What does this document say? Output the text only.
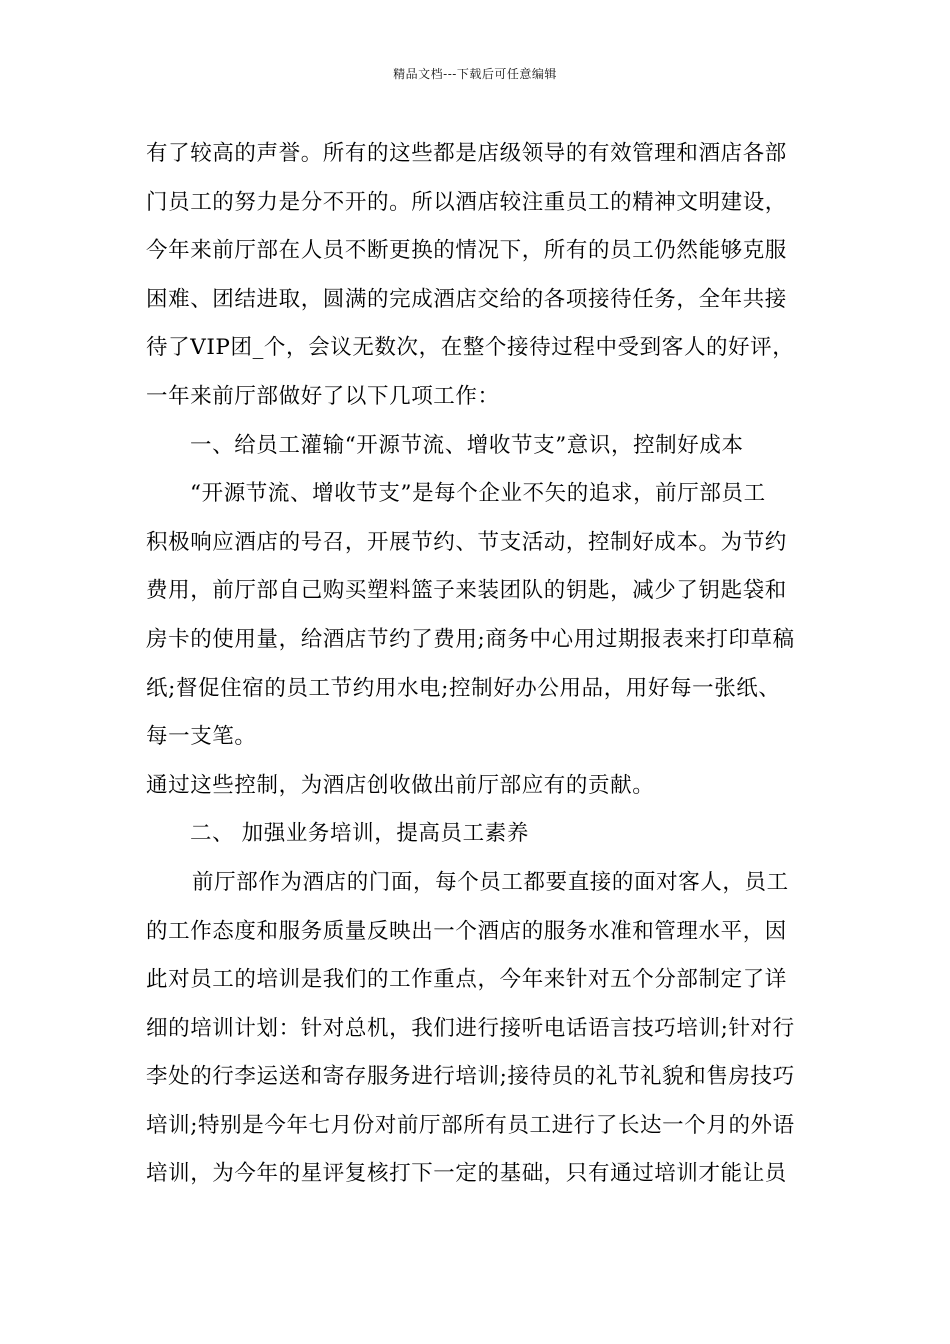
精品文档---下载后可任意编辑
有了较高的声誉。所有的这些都是店级领导的有效管理和酒店各部
门员工的努力是分不开的。所以酒店较注重员工的精神文明建设，
今年来前厅部在人员不断更换的情况下，所有的员工仍然能够克服
困难、团结进取，圆满的完成酒店交给的各项接待任务，全年共接
待了VIP团_个，会议无数次，在整个接待过程中受到客人的好评，
一年来前厅部做好了以下几项工作：
一、给员工灌输“开源节流、增收节支”意识，控制好成本
“开源节流、增收节支”是每个企业不矢的追求，前厅部员工
积极响应酒店的号召，开展节约、节支活动，控制好成本。为节约
费用，前厅部自己购买塑料篮子来装团队的钥匙，减少了钥匙袋和
房卡的使用量，给酒店节约了费用;商务中心用过期报表来打印草稿
纸;督促住宿的员工节约用水电;控制好办公用品，用好每一张纸、
每一支笔。
通过这些控制，为酒店创收做出前厅部应有的贡献。
二、 加强业务培训，提高员工素养
前厅部作为酒店的门面，每个员工都要直接的面对客人，员工
的工作态度和服务质量反映出一个酒店的服务水准和管理水平，因
此对员工的培训是我们的工作重点，今年来针对五个分部制定了详
细的培训计划：针对总机，我们进行接听电话语言技巧培训;针对行
李处的行李运送和寄存服务进行培训;接待员的礼节礼貌和售房技巧
培训;特别是今年七月份对前厅部所有员工进行了长达一个月的外语
培训，为今年的星评复核打下一定的基础，只有通过培训才能让员
